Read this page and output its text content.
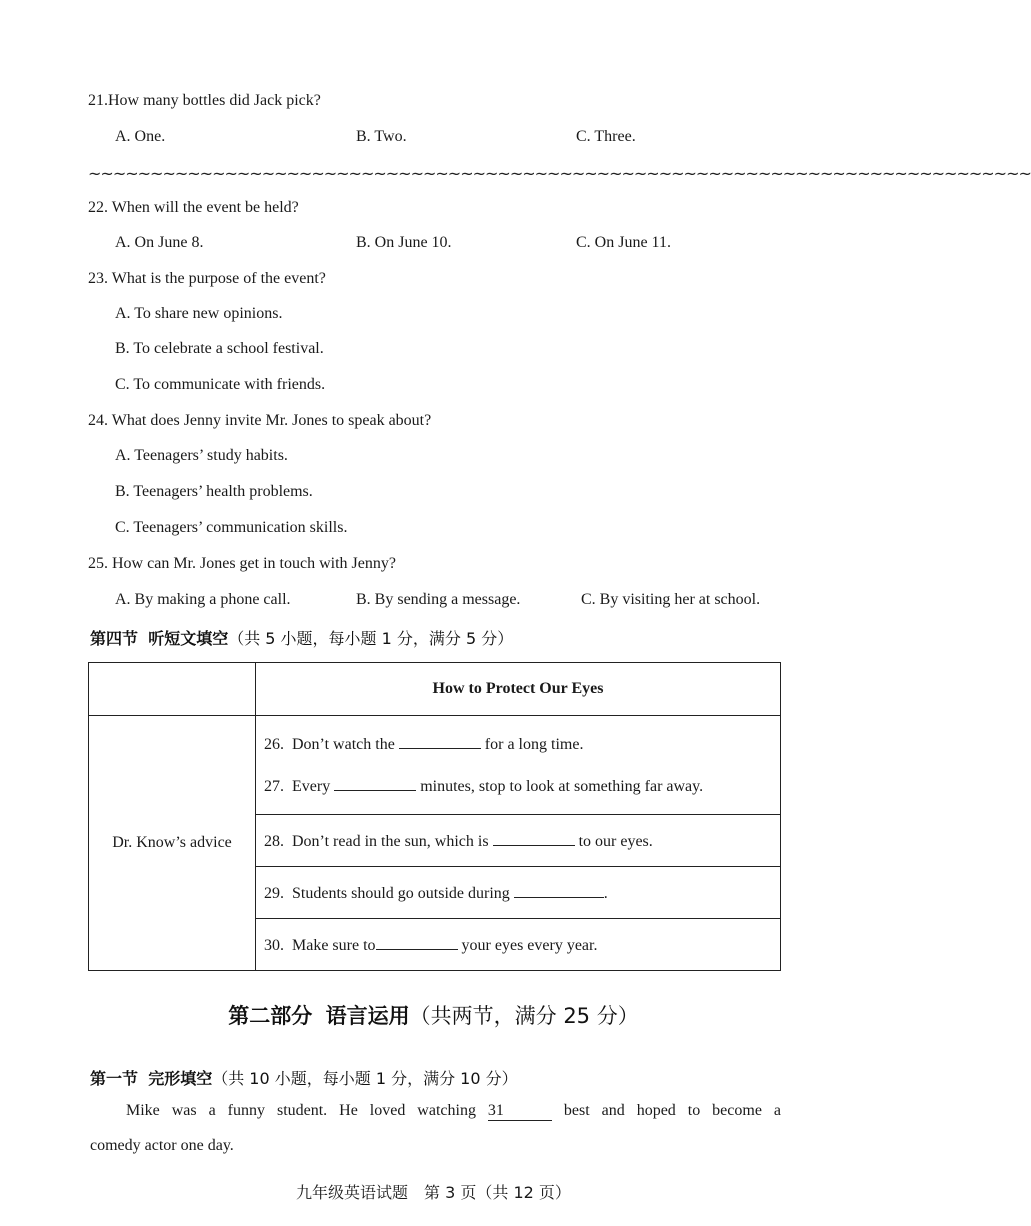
21.How many bottles did Jack pick?
A. One.	B. Two.	C. Three.
~~~~~~~~~~~~~~~~~~~~~~~~~~~~~~~~~~~~~~~~~~~~~~~~~~~~~~~~~~~~~~~~~~~~~~~~~~~~
22. When will the event be held?
A. On June 8.	B. On June 10.	C. On June 11.
23. What is the purpose of the event?
A. To share new opinions.
B. To celebrate a school festival.
C. To communicate with friends.
24. What does Jenny invite Mr. Jones to speak about?
A. Teenagers’ study habits.
B. Teenagers’ health problems.
C. Teenagers’ communication skills.
25. How can Mr. Jones get in touch with Jenny?
A. By making a phone call.	B. By sending a message.	C. By visiting her at school.
第四节 听短文填空（共 5 小题，每小题 1 分，满分 5 分）
	How to Protect Our Eyes
Dr. Know’s advice	26. Don’t watch the for a long time.
27. Every minutes, stop to look at something far away.

	28. Don’t read in the sun, which is to our eyes.

	29. Students should go outside during .

	30. Make sure to your eyes every year.
第二部分 语言运用（共两节，满分 25 分）
第一节 完形填空（共 10 小题，每小题 1 分，满分 10 分）
Mike was a funny student. He loved watching 31	best and hoped to become a
comedy actor one day.
九年级英语试题　第 3 页（共 12 页）
